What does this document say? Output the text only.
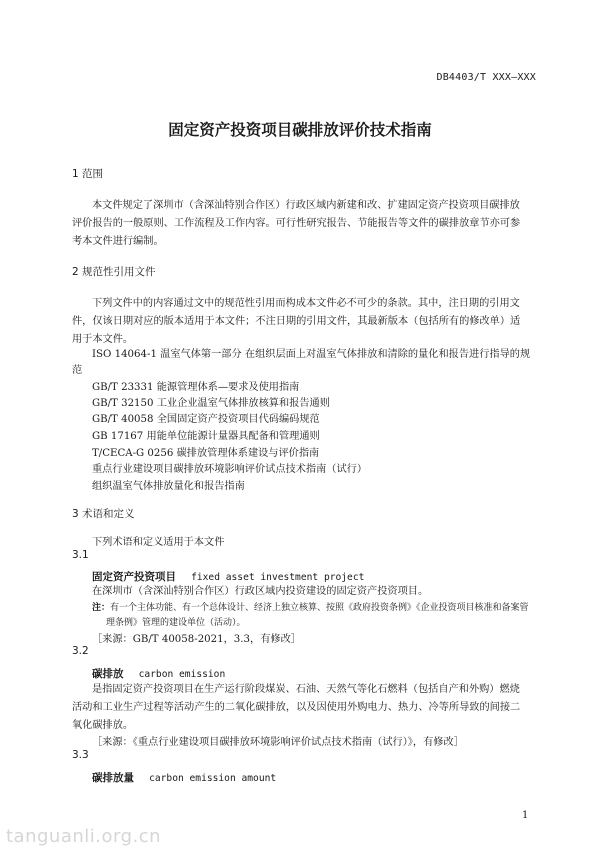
DB4403/T XXX—XXX
固定资产投资项目碳排放评价技术指南
1 范围
本文件规定了深圳市（含深汕特别合作区）行政区域内新建和改、扩建固定资产投资项目碳排放
评价报告的一般原则、工作流程及工作内容。可行性研究报告、节能报告等文件的碳排放章节亦可参
考本文件进行编制。
2 规范性引用文件
下列文件中的内容通过文中的规范性引用而构成本文件必不可少的条款。其中，注日期的引用文
件，仅该日期对应的版本适用于本文件；不注日期的引用文件，其最新版本（包括所有的修改单）适
用于本文件。
ISO 14064-1 温室气体第一部分 在组织层面上对温室气体排放和清除的量化和报告进行指导的规
范
GB/T 23331 能源管理体系—要求及使用指南
GB/T 32150 工业企业温室气体排放核算和报告通则
GB/T 40058 全国固定资产投资项目代码编码规范
GB 17167 用能单位能源计量器具配备和管理通则
T/CECA-G 0256 碳排放管理体系建设与评价指南
重点行业建设项目碳排放环境影响评价试点技术指南（试行）
组织温室气体排放量化和报告指南
3 术语和定义
下列术语和定义适用于本文件
3.1
固定资产投资项目 fixed asset investment project
在深圳市（含深汕特别合作区）行政区域内投资建设的固定资产投资项目。
注：有一个主体功能、有一个总体设计、经济上独立核算、按照《政府投资条例》《企业投资项目核准和备案管
理条例》管理的建设单位（活动）。
［来源：GB/T 40058-2021，3.3，有修改］
3.2
碳排放 carbon emission
是指固定资产投资项目在生产运行阶段煤炭、石油、天然气等化石燃料（包括自产和外购）燃烧
活动和工业生产过程等活动产生的二氧化碳排放，以及因使用外购电力、热力、冷等所导致的间接二
氧化碳排放。
［来源：《重点行业建设项目碳排放环境影响评价试点技术指南（试行）》，有修改］
3.3
碳排放量 carbon emission amount
1
tanguanli.org.cn
